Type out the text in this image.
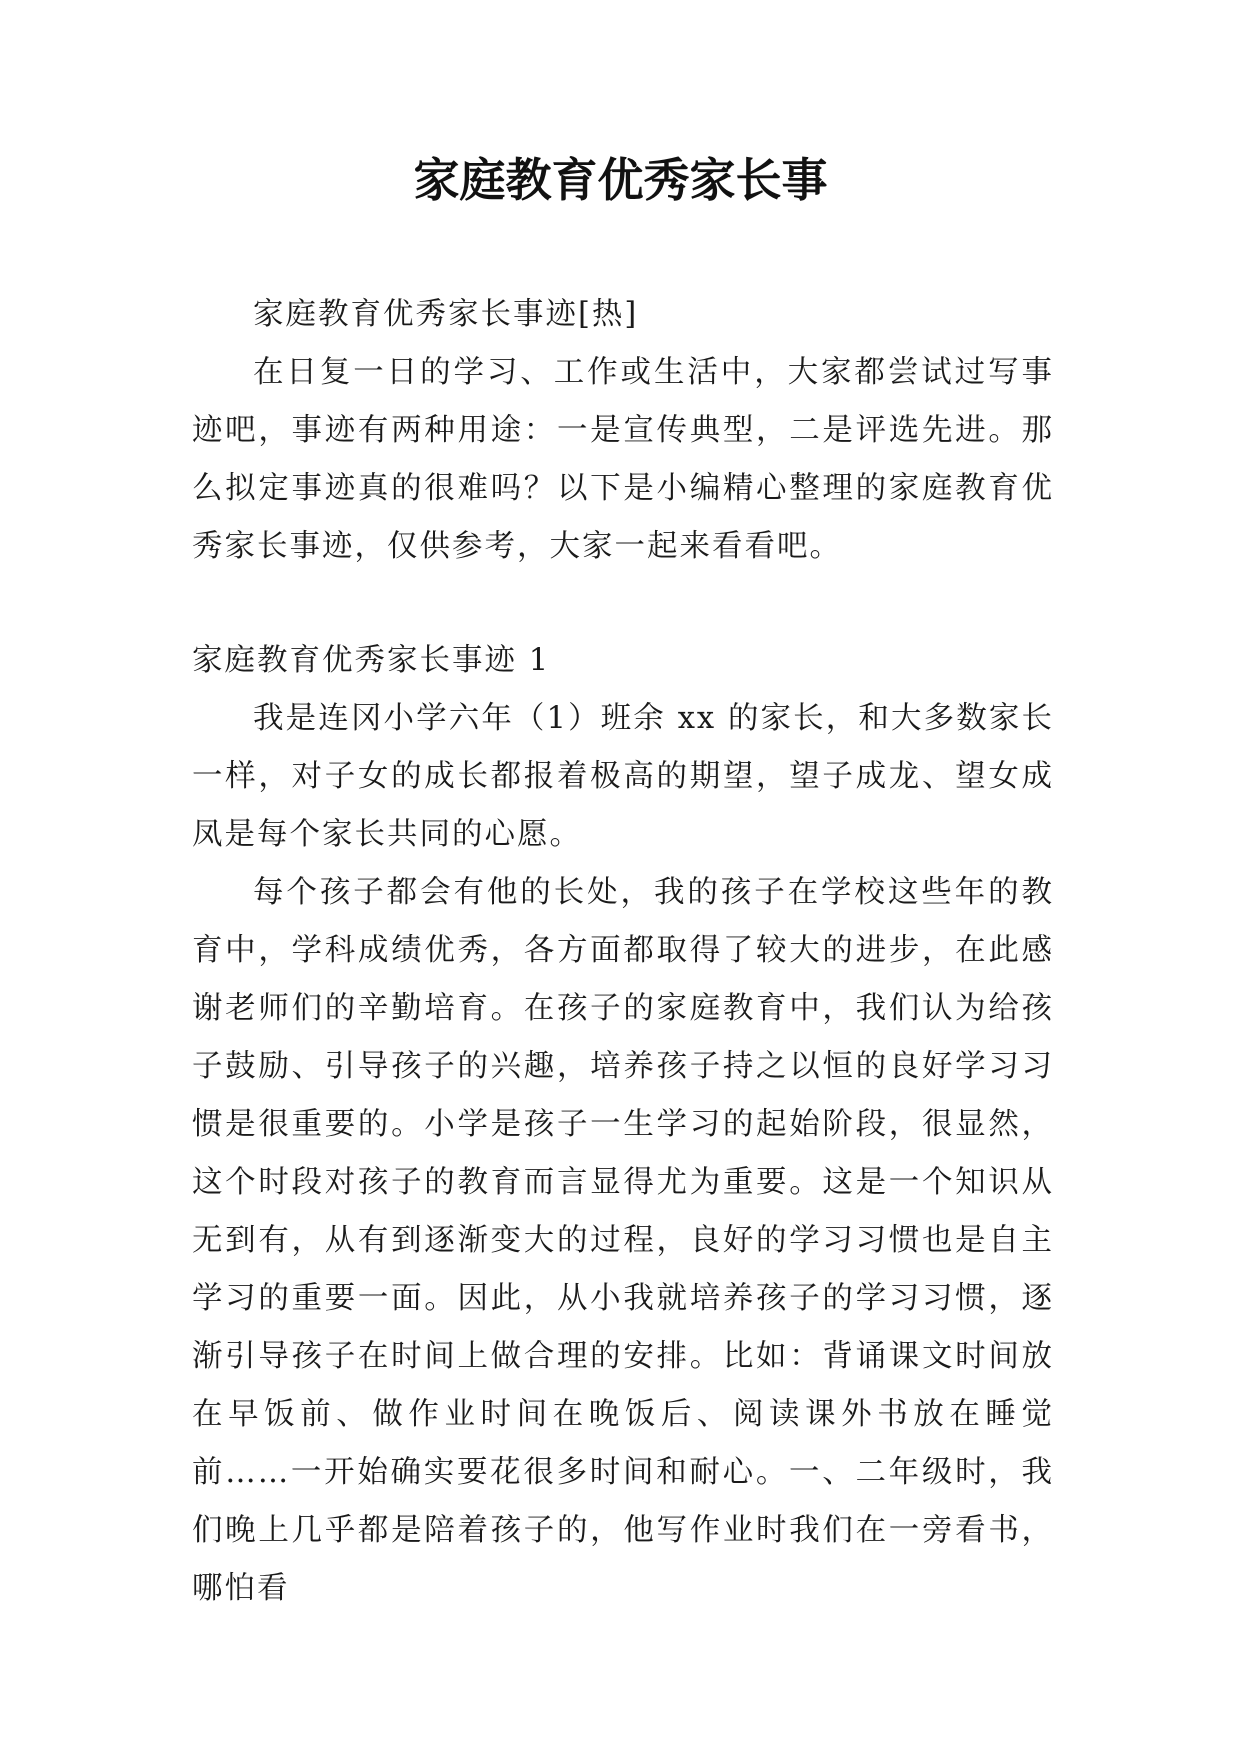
家庭教育优秀家长事

家庭教育优秀家长事迹[热]

在日复一日的学习、工作或生活中，大家都尝试过写事迹吧，事迹有两种用途：一是宣传典型，二是评选先进。那么拟定事迹真的很难吗？以下是小编精心整理的家庭教育优秀家长事迹，仅供参考，大家一起来看看吧。

家庭教育优秀家长事迹 1

我是连冈小学六年（1）班余 xx 的家长，和大多数家长一样，对子女的成长都报着极高的期望，望子成龙、望女成凤是每个家长共同的心愿。

每个孩子都会有他的长处，我的孩子在学校这些年的教育中，学科成绩优秀，各方面都取得了较大的进步，在此感谢老师们的辛勤培育。在孩子的家庭教育中，我们认为给孩子鼓励、引导孩子的兴趣，培养孩子持之以恒的良好学习习惯是很重要的。小学是孩子一生学习的起始阶段，很显然，这个时段对孩子的教育而言显得尤为重要。这是一个知识从无到有，从有到逐渐变大的过程，良好的学习习惯也是自主学习的重要一面。因此，从小我就培养孩子的学习习惯，逐渐引导孩子在时间上做合理的安排。比如：背诵课文时间放在早饭前、做作业时间在晚饭后、阅读课外书放在睡觉前……一开始确实要花很多时间和耐心。一、二年级时，我们晚上几乎都是陪着孩子的，他写作业时我们在一旁看书，哪怕看
